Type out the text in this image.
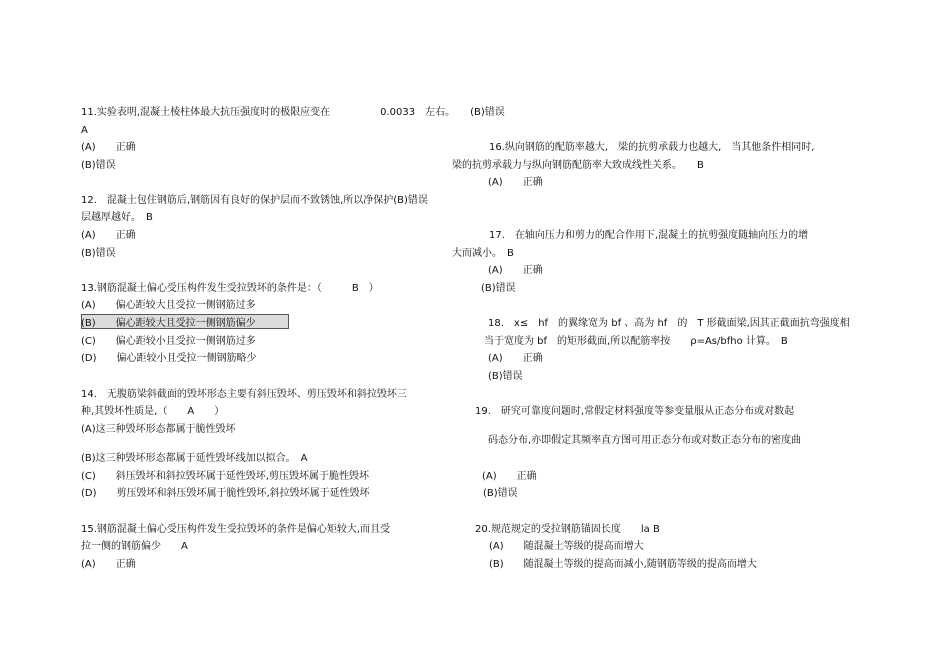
11.实验表明,混凝土棱柱体最大抗压强度时的极限应变在　　　　　0.0033　左右。　　(B)错误
A
(A)　　正确
(B)错误
12.　混凝土包住钢筋后,钢筋因有良好的保护层而不致锈蚀,所以净保护(B)错误
层越厚越好。　B
(A)　　正确
(B)错误
13.钢筋混凝土偏心受压构件发生受拉毁坏的条件是：（　　　B　）
(A)　　偏心距较大且受拉一侧钢筋过多
(B)　　偏心距较大且受拉一侧钢筋偏少
(C)　　偏心距较小且受拉一侧钢筋过多
(D)　　偏心距较小且受拉一侧钢筋略少
14.　无腹筋梁斜截面的毁坏形态主要有斜压毁坏、剪压毁坏和斜拉毁坏三
种,其毁坏性质是,（　　A　　）
(A)这三种毁坏形态都属于脆性毁坏
(B)这三种毁坏形态都属于延性毁坏线加以拟合。　A
(C)　　斜压毁坏和斜拉毁坏属于延性毁坏,剪压毁坏属于脆性毁坏
(D)　　剪压毁坏和斜压毁坏属于脆性毁坏,斜拉毁坏属于延性毁坏
15.钢筋混凝土偏心受压构件发生受拉毁坏的条件是偏心矩较大,而且受
拉一侧的钢筋偏少　　A
(A)　　正确
16.纵向钢筋的配筋率越大,　梁的抗剪承载力也越大,　当其他条件相同时,
梁的抗剪承载力与纵向钢筋配筋率大致成线性关系。　　B
(A)　　正确
17.　在轴向压力和剪力的配合作用下,混凝土的抗剪强度随轴向压力的增
大而减小。　B
(A)　　正确
(B)错误
18.　x≤　hf　的翼缘宽为 bf 、高为 hf　的　T 形截面梁,因其正截面抗弯强度相
当于宽度为 bf　的矩形截面,所以配筋率按　　ρ=As/bfho 计算。　B
(A)　　正确
(B)错误
19.　研究可靠度问题时,常假定材料强度等参变量服从正态分布或对数起
码态分布,亦即假定其频率直方图可用正态分布或对数正态分布的密度曲
(A)　　正确
(B)错误
20.规范规定的受拉钢筋锚固长度　　la B
(A)　　随混凝土等级的提高而增大
(B)　　随混凝土等级的提高而减小,随钢筋等级的提高而增大
